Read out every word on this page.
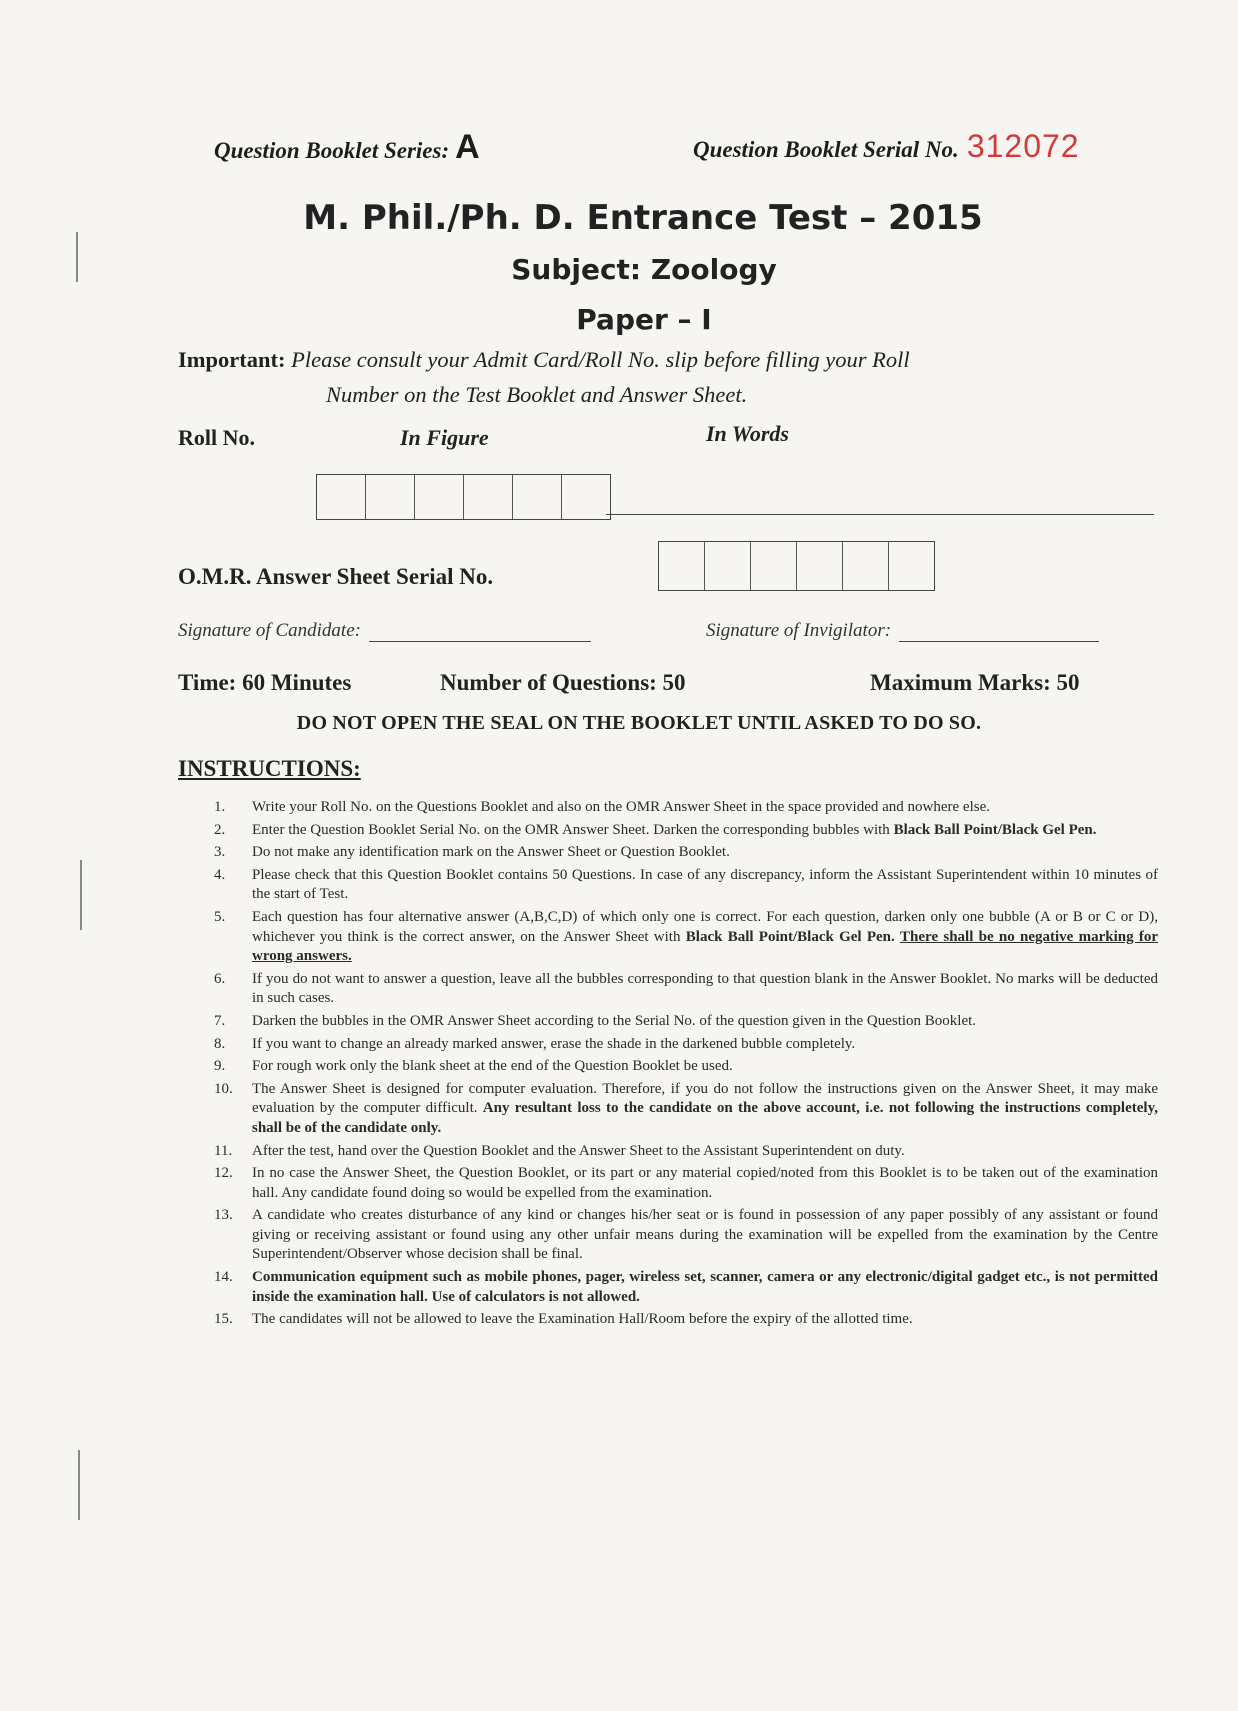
Question Booklet Series: A	Question Booklet Serial No. 312072
M. Phil./Ph. D. Entrance Test – 2015
Subject: Zoology
Paper – I
Important: Please consult your Admit Card/Roll No. slip before filling your Roll
Number on the Test Booklet and Answer Sheet.
Roll No.	In Figure	In Words
O.M.R. Answer Sheet Serial No.
Signature of Candidate:	Signature of Invigilator:
Time: 60 Minutes	Number of Questions: 50	Maximum Marks: 50
DO NOT OPEN THE SEAL ON THE BOOKLET UNTIL ASKED TO DO SO.
INSTRUCTIONS:
1.	Write your Roll No. on the Questions Booklet and also on the OMR Answer Sheet in the space provided and nowhere else.
2.	Enter the Question Booklet Serial No. on the OMR Answer Sheet. Darken the corresponding bubbles with Black Ball Point/Black Gel Pen.
3.	Do not make any identification mark on the Answer Sheet or Question Booklet.
4.	Please check that this Question Booklet contains 50 Questions. In case of any discrepancy, inform the Assistant Superintendent within 10 minutes of the start of Test.
5.	Each question has four alternative answer (A,B,C,D) of which only one is correct. For each question, darken only one bubble (A or B or C or D), whichever you think is the correct answer, on the Answer Sheet with Black Ball Point/Black Gel Pen. There shall be no negative marking for wrong answers.
6.	If you do not want to answer a question, leave all the bubbles corresponding to that question blank in the Answer Booklet. No marks will be deducted in such cases.
7.	Darken the bubbles in the OMR Answer Sheet according to the Serial No. of the question given in the Question Booklet.
8.	If you want to change an already marked answer, erase the shade in the darkened bubble completely.
9.	For rough work only the blank sheet at the end of the Question Booklet be used.
10.	The Answer Sheet is designed for computer evaluation. Therefore, if you do not follow the instructions given on the Answer Sheet, it may make evaluation by the computer difficult. Any resultant loss to the candidate on the above account, i.e. not following the instructions completely, shall be of the candidate only.
11.	After the test, hand over the Question Booklet and the Answer Sheet to the Assistant Superintendent on duty.
12.	In no case the Answer Sheet, the Question Booklet, or its part or any material copied/noted from this Booklet is to be taken out of the examination hall. Any candidate found doing so would be expelled from the examination.
13.	A candidate who creates disturbance of any kind or changes his/her seat or is found in possession of any paper possibly of any assistant or found giving or receiving assistant or found using any other unfair means during the examination will be expelled from the examination by the Centre Superintendent/Observer whose decision shall be final.
14.	Communication equipment such as mobile phones, pager, wireless set, scanner, camera or any electronic/digital gadget etc., is not permitted inside the examination hall. Use of calculators is not allowed.
15.	The candidates will not be allowed to leave the Examination Hall/Room before the expiry of the allotted time.
